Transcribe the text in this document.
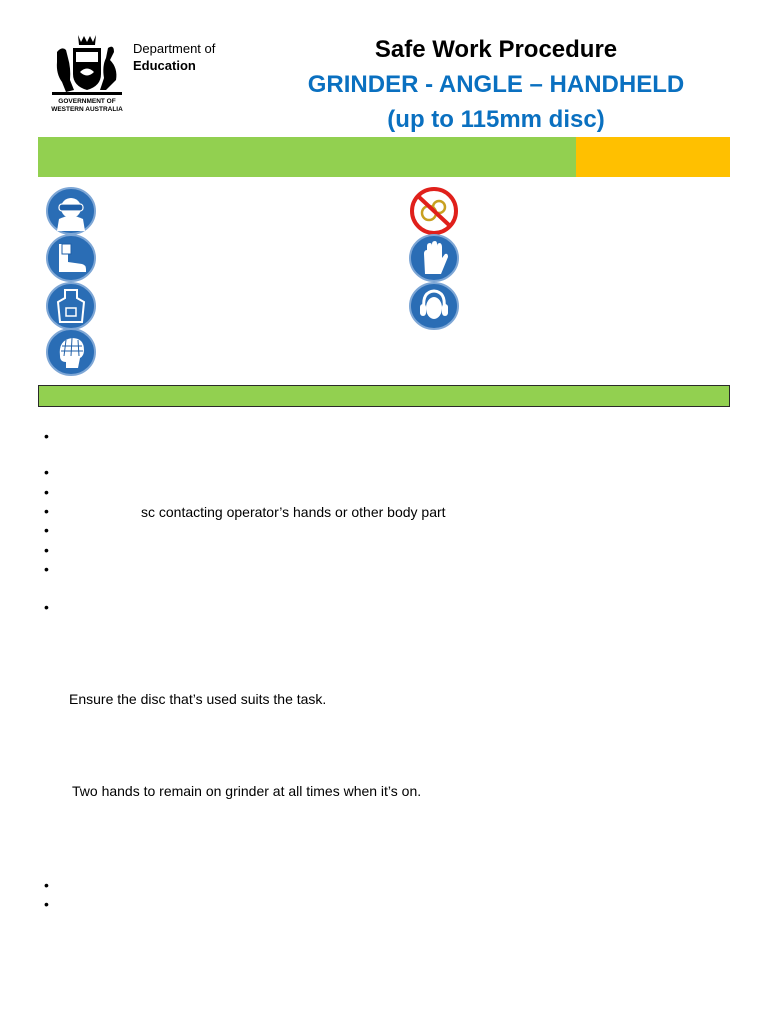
GOVERNMENT OF
WESTERN AUSTRALIA
Department of
Education
Safe Work Procedure
GRINDER - ANGLE – HANDHELD
(up to 115mm disc)
•
•
•
•	sc contacting operator’s hands or other body part
•
•
•
•
Ensure the disc that’s used suits the task.
Two hands to remain on grinder at all times when it’s on.
•
•
